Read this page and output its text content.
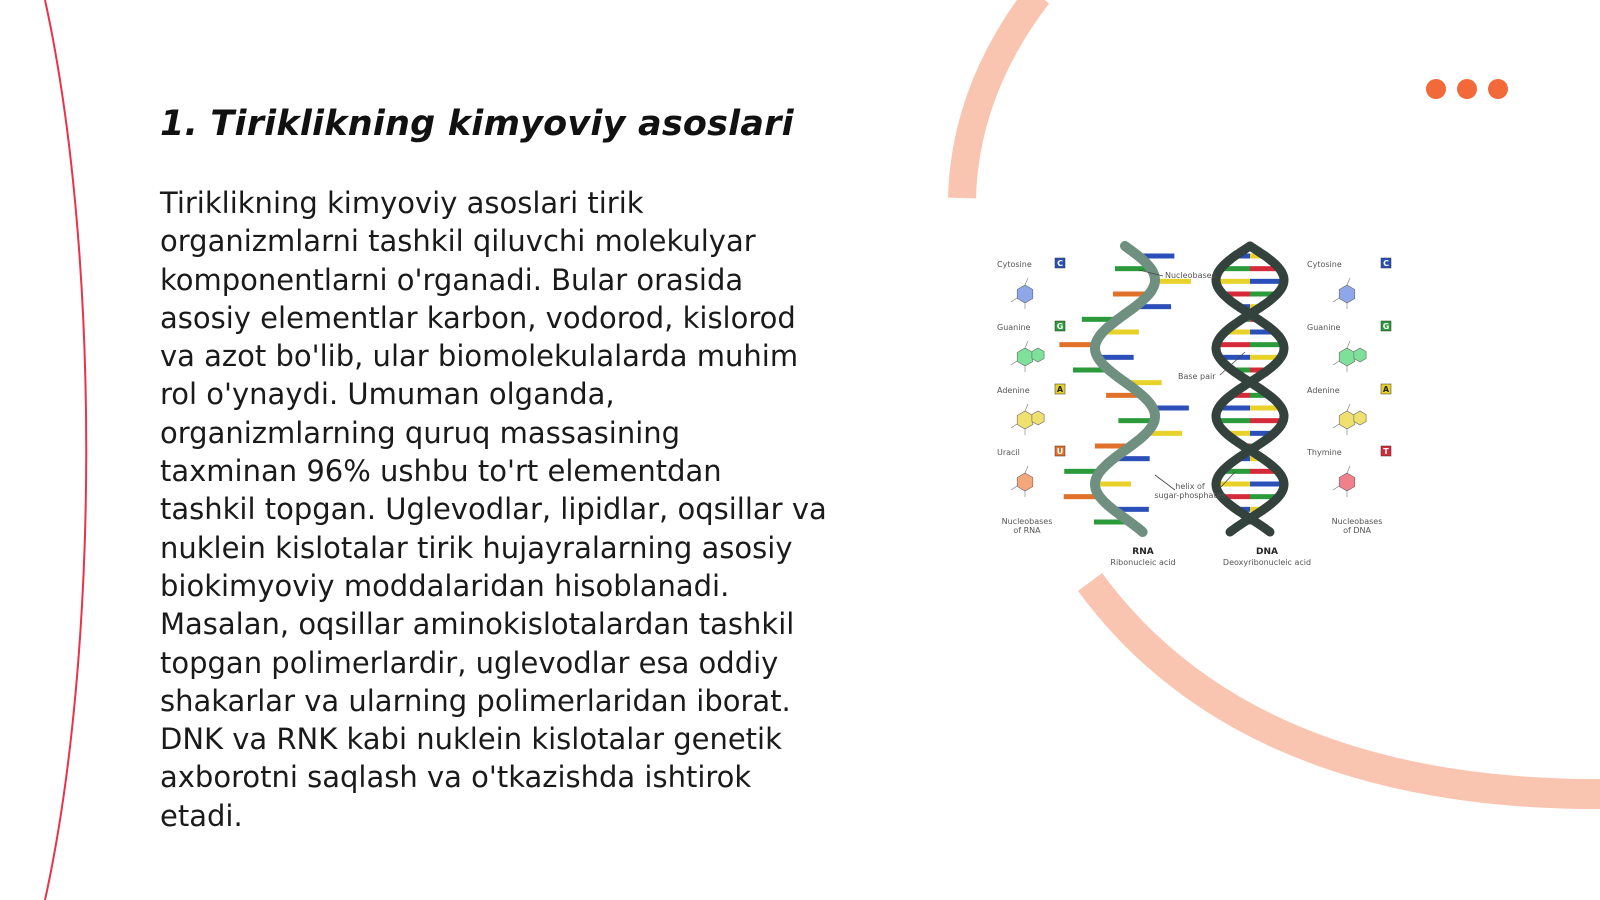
1. Tiriklikning kimyoviy asoslari

Tiriklikning kimyoviy asoslari tirik
organizmlarni tashkil qiluvchi molekulyar
komponentlarni o'rganadi. Bular orasida
asosiy elementlar karbon, vodorod, kislorod
va azot bo'lib, ular biomolekulalarda muhim
rol o'ynaydi. Umuman olganda,
organizmlarning quruq massasining
taxminan 96% ushbu to'rt elementdan
tashkil topgan. Uglevodlar, lipidlar, oqsillar va
nuklein kislotalar tirik hujayralarning asosiy
biokimyoviy moddalaridan hisoblanadi.
Masalan, oqsillar aminokislotalardan tashkil
topgan polimerlardir, uglevodlar esa oddiy
shakarlar va ularning polimerlaridan iborat.
DNK va RNK kabi nuklein kislotalar genetik
axborotni saqlash va o'tkazishda ishtirok
etadi.

Cytosine	C
Guanine	G
Adenine	A
Uracil	U
Cytosine	C
Guanine	G
Adenine	A
Thymine	T
Nucleobases
of RNA
Nucleobases
of DNA
Nucleobases
Base pair
helix of
sugar-phosphates
RNA
Ribonucleic acid
DNA
Deoxyribonucleic acid
